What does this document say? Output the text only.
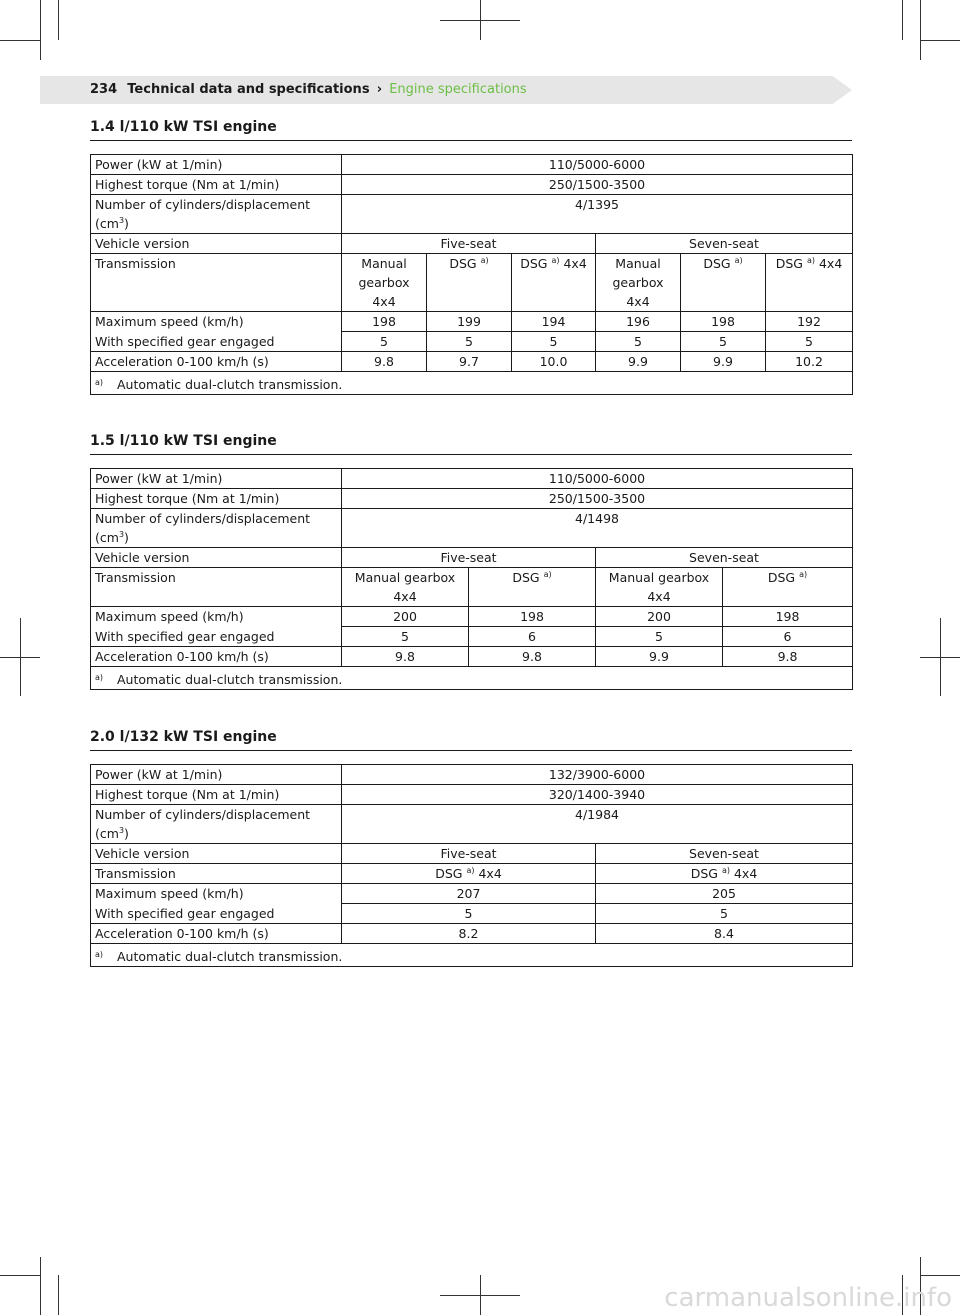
234 Technical data and specifications › Engine specifications
1.4 l/110 kW TSI engine
Power (kW at 1/min)	110/5000-6000					
Highest torque (Nm at 1/min)	250/1500-3500					
Number of cylinders/displacement $(cm^3)$	4/1395					
Vehicle version	Five-seat			Seven-seat		
Transmission	Manual
gearbox
4x4	DSG $^{a)}$	DSG $^{a)}$ 4x4	Manual
gearbox
4x4	DSG $^{a)}$	DSG $^{a)}$ 4x4
Maximum speed (km/h)	198	199	194	196	198	192
With specified gear engaged	5	5	5	5	5	5
Acceleration 0-100 km/h (s)	9.8	9.7	10.0	9.9	9.9	10.2
a) Automatic dual-clutch transmission.						
1.5 l/110 kW TSI engine
Power (kW at 1/min)	110/5000-6000			
Highest torque (Nm at 1/min)	250/1500-3500			
Number of cylinders/displacement $(cm^3)$	4/1498			
Vehicle version	Five-seat		Seven-seat	
Transmission	Manual gearbox 4x4	DSG $^{a)}$	Manual gearbox 4x4	DSG $^{a)}$
Maximum speed (km/h)	200	198	200	198
With specified gear engaged	5	6	5	6
Acceleration 0-100 km/h (s)	9.8	9.8	9.9	9.8
a) Automatic dual-clutch transmission.				
2.0 l/132 kW TSI engine
Power (kW at 1/min)	132/3900-6000	
Highest torque (Nm at 1/min)	320/1400-3940	
Number of cylinders/displacement $(cm^3)$	4/1984	
Vehicle version	Five-seat	Seven-seat
Transmission	DSG $^{a)}$ 4x4	DSG $^{a)}$ 4x4
Maximum speed (km/h)	207	205
With specified gear engaged	5	5
Acceleration 0-100 km/h (s)	8.2	8.4
a) Automatic dual-clutch transmission.		
carmanualsonline.info
